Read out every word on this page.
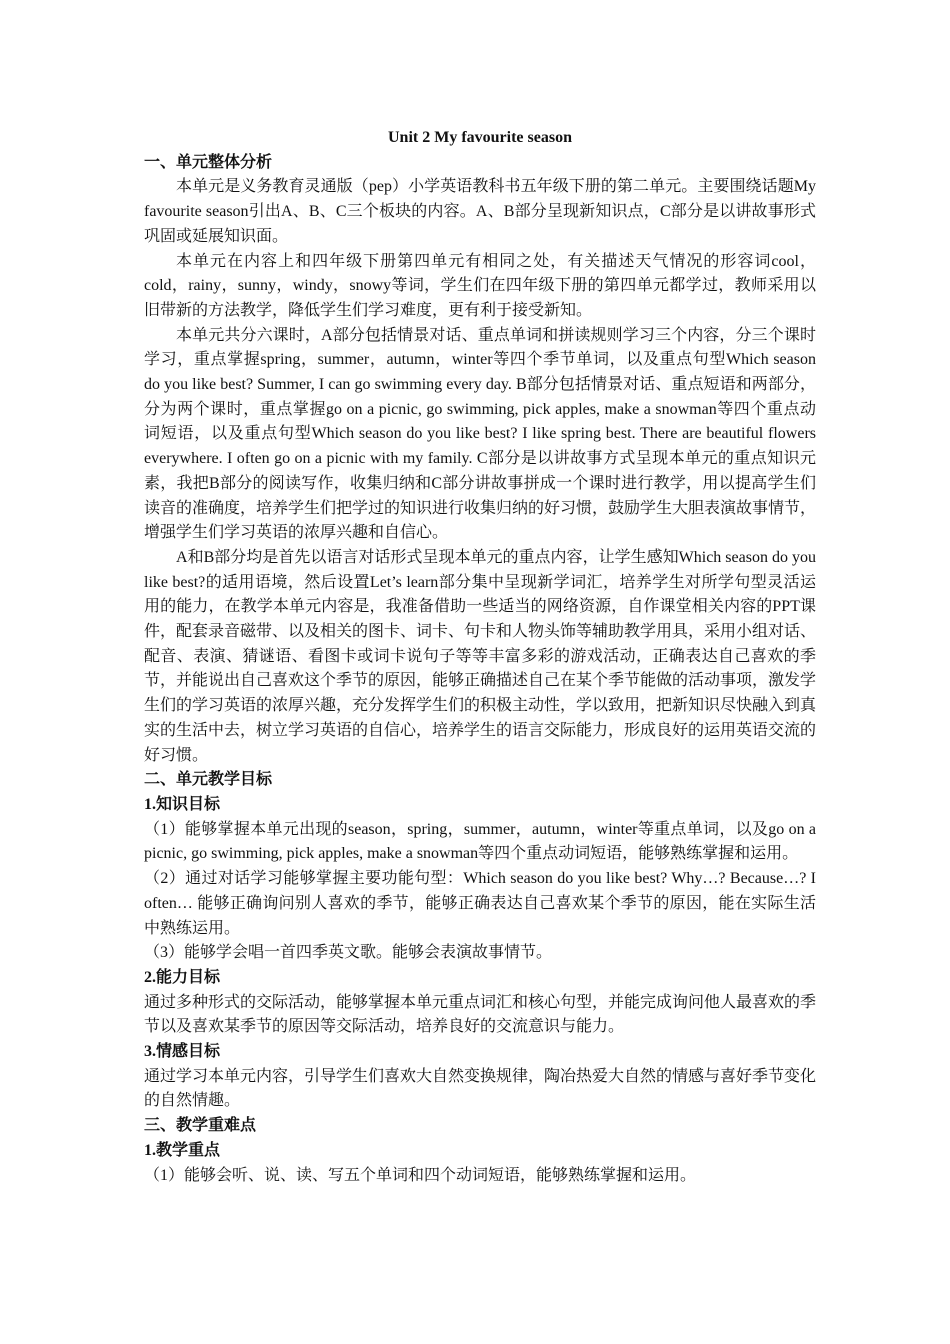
Unit 2 My favourite season

一、单元整体分析

本单元是义务教育灵通版（pep）小学英语教科书五年级下册的第二单元。主要围绕话题My favourite season引出A、B、C三个板块的内容。A、B部分呈现新知识点，C部分是以讲故事形式巩固或延展知识面。

本单元在内容上和四年级下册第四单元有相同之处，有关描述天气情况的形容词cool，cold，rainy，sunny，windy，snowy等词，学生们在四年级下册的第四单元都学过，教师采用以旧带新的方法教学，降低学生们学习难度，更有利于接受新知。

本单元共分六课时，A部分包括情景对话、重点单词和拼读规则学习三个内容，分三个课时学习，重点掌握spring，summer，autumn，winter等四个季节单词，以及重点句型Which season do you like best? Summer, I can go swimming every day. B部分包括情景对话、重点短语和两部分，分为两个课时，重点掌握go on a picnic, go swimming, pick apples, make a snowman等四个重点动词短语，以及重点句型Which season do you like best? I like spring best. There are beautiful flowers everywhere. I often go on a picnic with my family. C部分是以讲故事方式呈现本单元的重点知识元素，我把B部分的阅读写作，收集归纳和C部分讲故事拼成一个课时进行教学，用以提高学生们读音的准确度，培养学生们把学过的知识进行收集归纳的好习惯，鼓励学生大胆表演故事情节，增强学生们学习英语的浓厚兴趣和自信心。

A和B部分均是首先以语言对话形式呈现本单元的重点内容，让学生感知Which season do you like best?的适用语境，然后设置Let’s learn部分集中呈现新学词汇，培养学生对所学句型灵活运用的能力，在教学本单元内容是，我准备借助一些适当的网络资源，自作课堂相关内容的PPT课件，配套录音磁带、以及相关的图卡、词卡、句卡和人物头饰等辅助教学用具，采用小组对话、配音、表演、猜谜语、看图卡或词卡说句子等等丰富多彩的游戏活动，正确表达自己喜欢的季节，并能说出自己喜欢这个季节的原因，能够正确描述自己在某个季节能做的活动事项，激发学生们的学习英语的浓厚兴趣，充分发挥学生们的积极主动性，学以致用，把新知识尽快融入到真实的生活中去，树立学习英语的自信心，培养学生的语言交际能力，形成良好的运用英语交流的好习惯。

二、单元教学目标

1.知识目标

（1）能够掌握本单元出现的season，spring，summer，autumn，winter等重点单词，以及go on a picnic, go swimming, pick apples, make a snowman等四个重点动词短语，能够熟练掌握和运用。

（2）通过对话学习能够掌握主要功能句型：Which season do you like best? Why…? Because…? I often… 能够正确询问别人喜欢的季节，能够正确表达自己喜欢某个季节的原因，能在实际生活中熟练运用。

（3）能够学会唱一首四季英文歌。能够会表演故事情节。

2.能力目标

通过多种形式的交际活动，能够掌握本单元重点词汇和核心句型，并能完成询问他人最喜欢的季节以及喜欢某季节的原因等交际活动，培养良好的交流意识与能力。

3.情感目标

通过学习本单元内容，引导学生们喜欢大自然变换规律，陶冶热爱大自然的情感与喜好季节变化的自然情趣。

三、教学重难点

1.教学重点

（1）能够会听、说、读、写五个单词和四个动词短语，能够熟练掌握和运用。
